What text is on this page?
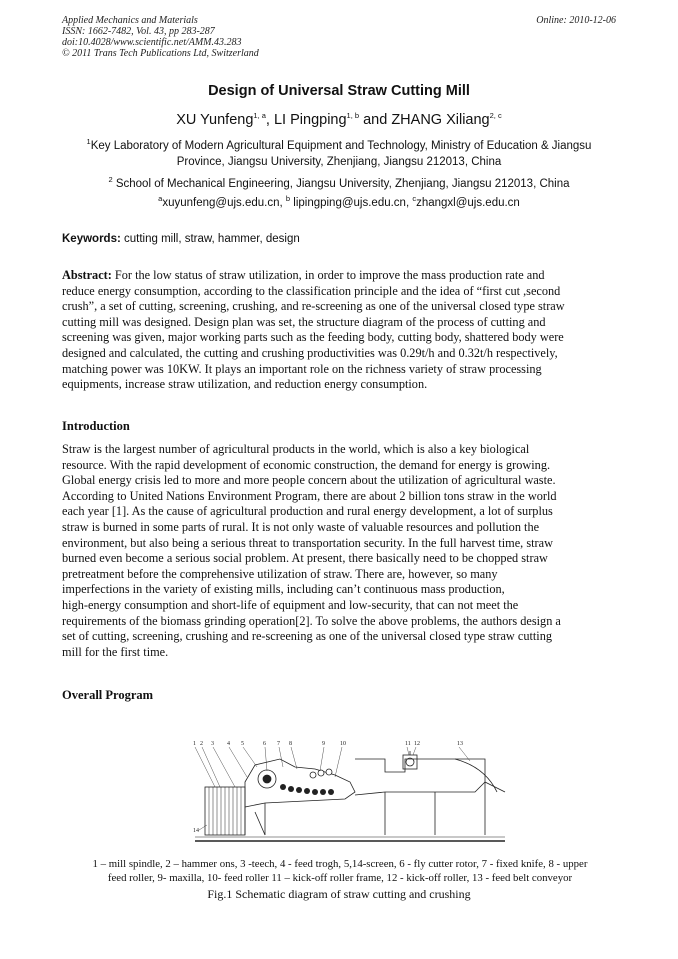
Applied Mechanics and Materials
ISSN: 1662-7482, Vol. 43, pp 283-287
doi:10.4028/www.scientific.net/AMM.43.283
© 2011 Trans Tech Publications Ltd, Switzerland
Online: 2010-12-06
Design of Universal Straw Cutting Mill
XU Yunfeng$^{1, a}$, LI Pingping$^{1, b}$ and ZHANG Xiliang$^{2, c}$
$^1$Key Laboratory of Modern Agricultural Equipment and Technology, Ministry of Education & Jiangsu
Province, Jiangsu University, Zhenjiang, Jiangsu 212013, China
$^2$ School of Mechanical Engineering, Jiangsu University, Zhenjiang, Jiangsu 212013, China
$^a$xuyunfeng@ujs.edu.cn, $^b$ lipingping@ujs.edu.cn, $^c$zhangxl@ujs.edu.cn
Keywords: cutting mill, straw, hammer, design
Abstract: For the low status of straw utilization, in order to improve the mass production rate and
reduce energy consumption, according to the classification principle and the idea of “first cut ,second
crush”, a set of cutting, screening, crushing, and re-screening as one of the universal closed type straw
cutting mill was designed. Design plan was set, the structure diagram of the process of cutting and
screening was given, major working parts such as the feeding body, cutting body, shattered body were
designed and calculated, the cutting and crushing productivities was 0.29t/h and 0.32t/h respectively,
matching power was 10KW. It plays an important role on the richness variety of straw processing
equipments, increase straw utilization, and reduction energy consumption.
Introduction
Straw is the largest number of agricultural products in the world, which is also a key biological
resource. With the rapid development of economic construction, the demand for energy is growing.
Global energy crisis led to more and more people concern about the utilization of agricultural waste.
According to United Nations Environment Program, there are about 2 billion tons straw in the world
each year [1]. As the cause of agricultural production and rural energy development, a lot of surplus
straw is burned in some parts of rural. It is not only waste of valuable resources and pollution the
environment, but also being a serious threat to transportation security. In the full harvest time, straw
burned even become a serious social problem. At present, there basically need to be chopped straw
pretreatment before the comprehensive utilization of straw. There are, however, so many
imperfections in the variety of existing mills, including can’t continuous mass production,
high-energy consumption and short-life of equipment and low-security, that can not meet the
requirements of the biomass grinding operation[2]. To solve the above problems, the authors design a
set of cutting, screening, crushing and re-screening as one of the universal closed type straw cutting
mill for the first time.
Overall Program
1 2 3 4 5	6 7 8	9	10	11 12	13
14
1 – mill spindle, 2 – hammer ons, 3 -teech, 4 - feed trogh, 5,14-screen, 6 - fly cutter rotor, 7 - fixed knife, 8 - upper
feed roller, 9- maxilla, 10- feed roller 11 – kick-off roller frame, 12 - kick-off roller, 13 - feed belt conveyor
Fig.1 Schematic diagram of straw cutting and crushing
